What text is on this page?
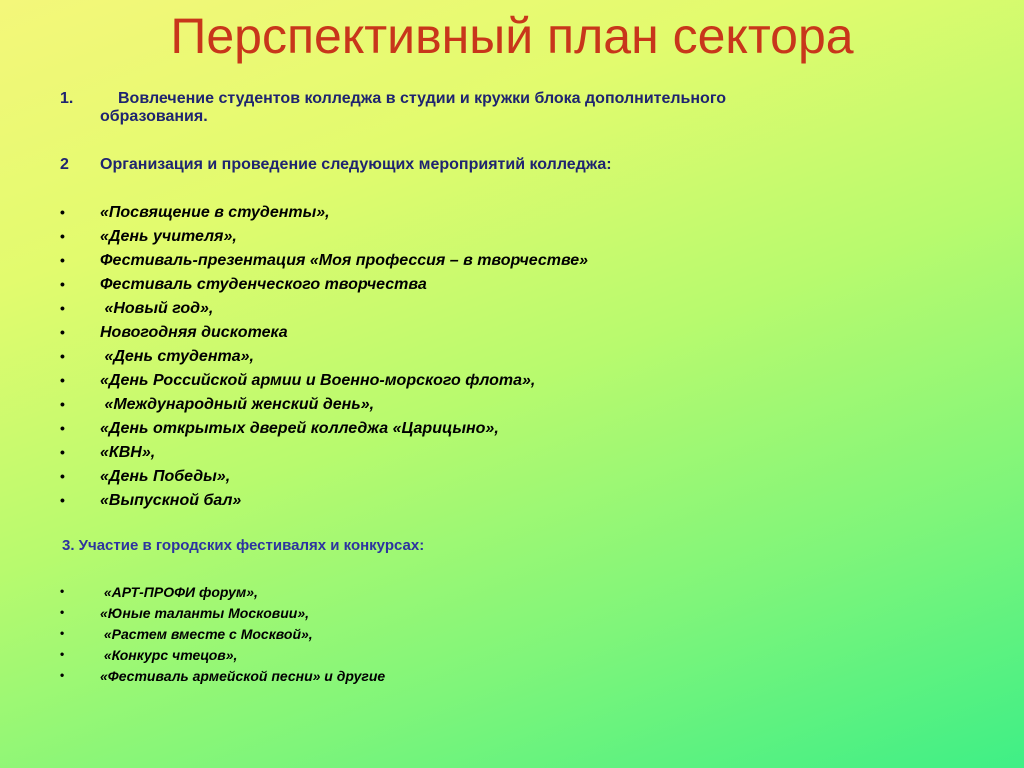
Перспективный план сектора
1.	Вовлечение студентов колледжа в студии и кружки блока дополнительного
образования.
2 Организация и проведение следующих мероприятий колледжа:
• «Посвящение в студенты»,
• «День учителя»,
• Фестиваль-презентация «Моя профессия – в творчестве»
• Фестиваль студенческого творчества
• «Новый год»,
• Новогодняя дискотека
• «День студента»,
• «День Российской армии и Военно-морского флота»,
• «Международный женский день»,
• «День открытых дверей колледжа «Царицыно»,
• «КВН»,
• «День Победы»,
• «Выпускной бал»
3. Участие в городских фестивалях и конкурсах:
•	«АРТ-ПРОФИ форум»,
•	«Юные таланты Московии»,
•	«Растем вместе с Москвой»,
•	«Конкурс чтецов»,
•	«Фестиваль армейской песни» и другие
